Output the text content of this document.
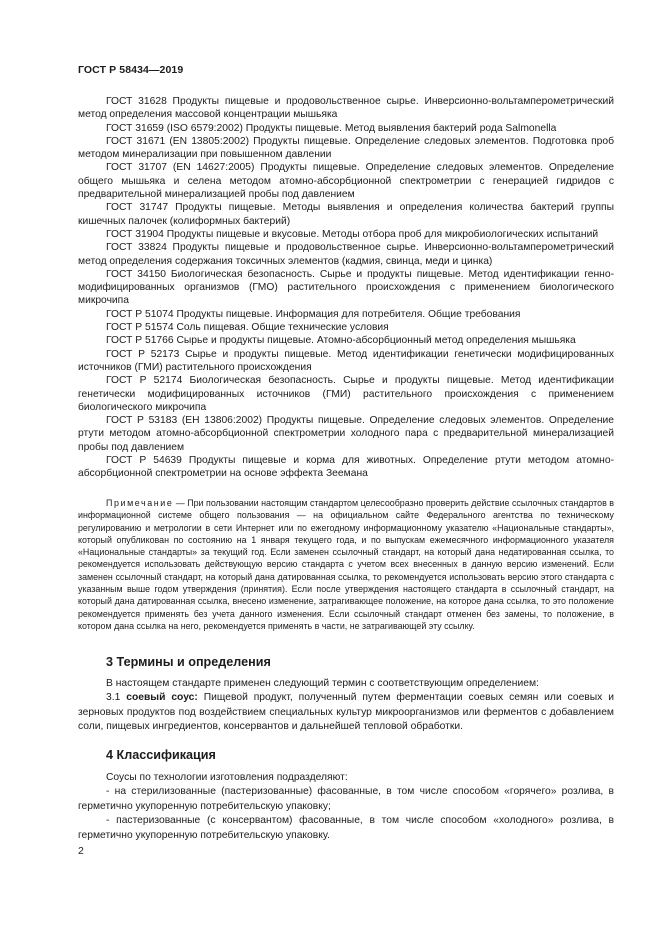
ГОСТ Р 58434—2019

ГОСТ 31628 Продукты пищевые и продовольственное сырье. Инверсионно-вольтамперометрический метод определения массовой концентрации мышьяка

ГОСТ 31659 (ISO 6579:2002) Продукты пищевые. Метод выявления бактерий рода Salmonella

ГОСТ 31671 (EN 13805:2002) Продукты пищевые. Определение следовых элементов. Подготовка проб методом минерализации при повышенном давлении

ГОСТ 31707 (EN 14627:2005) Продукты пищевые. Определение следовых элементов. Определение общего мышьяка и селена методом атомно-абсорбционной спектрометрии с генерацией гидридов с предварительной минерализацией пробы под давлением

ГОСТ 31747 Продукты пищевые. Методы выявления и определения количества бактерий группы кишечных палочек (колиформных бактерий)

ГОСТ 31904 Продукты пищевые и вкусовые. Методы отбора проб для микробиологических испытаний

ГОСТ 33824 Продукты пищевые и продовольственное сырье. Инверсионно-вольтамперометрический метод определения содержания токсичных элементов (кадмия, свинца, меди и цинка)

ГОСТ 34150 Биологическая безопасность. Сырье и продукты пищевые. Метод идентификации генно-модифицированных организмов (ГМО) растительного происхождения с применением биологического микрочипа

ГОСТ Р 51074 Продукты пищевые. Информация для потребителя. Общие требования

ГОСТ Р 51574 Соль пищевая. Общие технические условия

ГОСТ Р 51766 Сырье и продукты пищевые. Атомно-абсорбционный метод определения мышьяка

ГОСТ Р 52173 Сырье и продукты пищевые. Метод идентификации генетически модифицированных источников (ГМИ) растительного происхождения

ГОСТ Р 52174 Биологическая безопасность. Сырье и продукты пищевые. Метод идентификации генетически модифицированных источников (ГМИ) растительного происхождения с применением биологического микрочипа

ГОСТ Р 53183 (ЕН 13806:2002) Продукты пищевые. Определение следовых элементов. Определение ртути методом атомно-абсорбционной спектрометрии холодного пара с предварительной минерализацией пробы под давлением

ГОСТ Р 54639 Продукты пищевые и корма для животных. Определение ртути методом атомно-абсорбционной спектрометрии на основе эффекта Зеемана

Примечание — При пользовании настоящим стандартом целесообразно проверить действие ссылочных стандартов в информационной системе общего пользования — на официальном сайте Федерального агентства по техническому регулированию и метрологии в сети Интернет или по ежегодному информационному указателю «Национальные стандарты», который опубликован по состоянию на 1 января текущего года, и по выпускам ежемесячного информационного указателя «Национальные стандарты» за текущий год. Если заменен ссылочный стандарт, на который дана недатированная ссылка, то рекомендуется использовать действующую версию стандарта с учетом всех внесенных в данную версию изменений. Если заменен ссылочный стандарт, на который дана датированная ссылка, то рекомендуется использовать версию этого стандарта с указанным выше годом утверждения (принятия). Если после утверждения настоящего стандарта в ссылочный стандарт, на который дана датированная ссылка, внесено изменение, затрагивающее положение, на которое дана ссылка, то это положение рекомендуется применять без учета данного изменения. Если ссылочный стандарт отменен без замены, то положение, в котором дана ссылка на него, рекомендуется применять в части, не затрагивающей эту ссылку.
3 Термины и определения
В настоящем стандарте применен следующий термин с соответствующим определением:
3.1 соевый соус: Пищевой продукт, полученный путем ферментации соевых семян или соевых и зерновых продуктов под воздействием специальных культур микроорганизмов или ферментов с добавлением соли, пищевых ингредиентов, консервантов и дальнейшей тепловой обработки.
4 Классификация
Соусы по технологии изготовления подразделяют:
- на стерилизованные (пастеризованные) фасованные, в том числе способом «горячего» розлива, в герметично укупоренную потребительскую упаковку;
- пастеризованные (с консервантом) фасованные, в том числе способом «холодного» розлива, в герметично укупоренную потребительскую упаковку.
2
